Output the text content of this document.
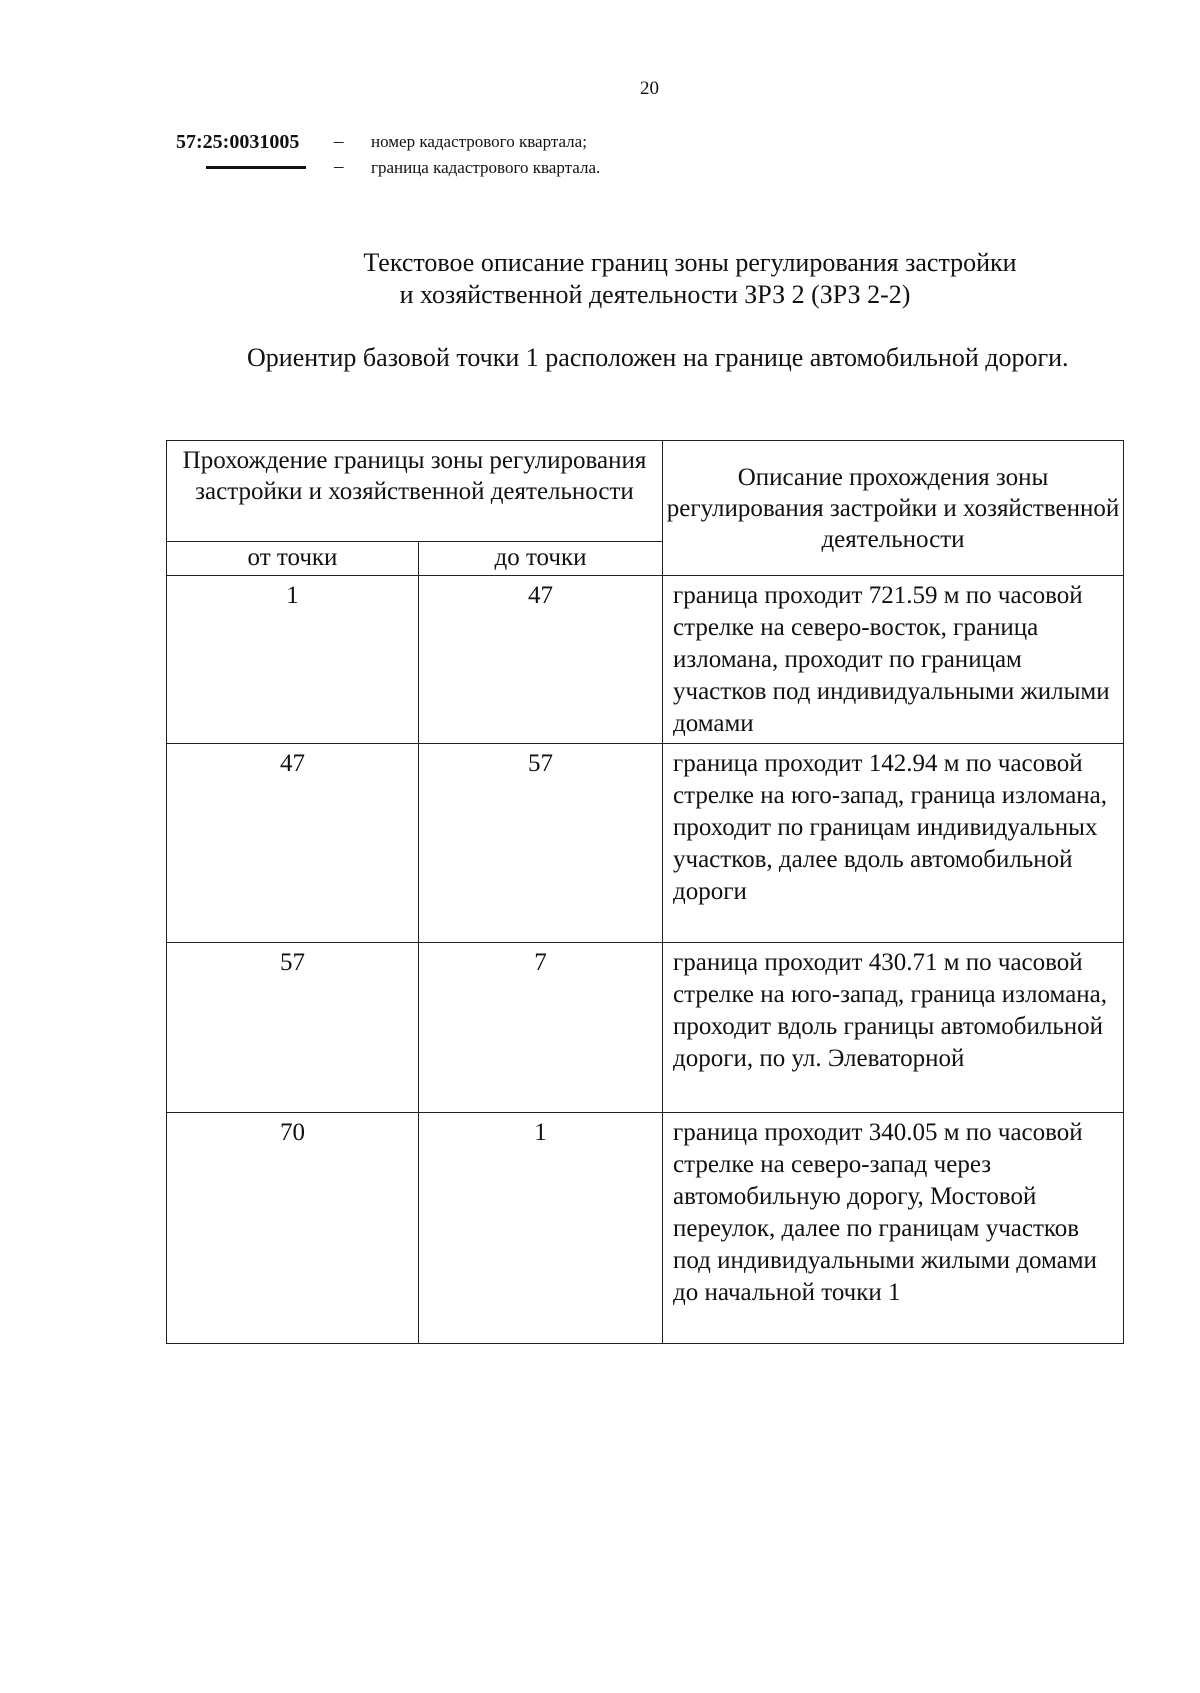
20
57:25:0031005	– номер кадастрового квартала;
– граница кадастрового квартала.
Текстовое описание границ зоны регулирования застройки
и хозяйственной деятельности ЗРЗ 2 (ЗРЗ 2-2)
Ориентир базовой точки 1 расположен на границе автомобильной дороги.
Прохождение границы зоны регулирования застройки и хозяйственной деятельности		Описание прохождения зоны регулирования застройки и хозяйственной деятельности
от точки	до точки	
1	47	граница проходит 721.59 м по часовой стрелке на северо-восток, граница изломана, проходит по границам участков под индивидуальными жилыми домами
47	57	граница проходит 142.94 м по часовой стрелке на юго-запад, граница изломана, проходит по границам индивидуальных участков, далее вдоль автомобильной дороги
57	7	граница проходит 430.71 м по часовой стрелке на юго-запад, граница изломана, проходит вдоль границы автомобильной дороги, по ул. Элеваторной
70	1	граница проходит 340.05 м по часовой стрелке на северо-запад через автомобильную дорогу, Мостовой переулок, далее по границам участков под индивидуальными жилыми домами до начальной точки 1
